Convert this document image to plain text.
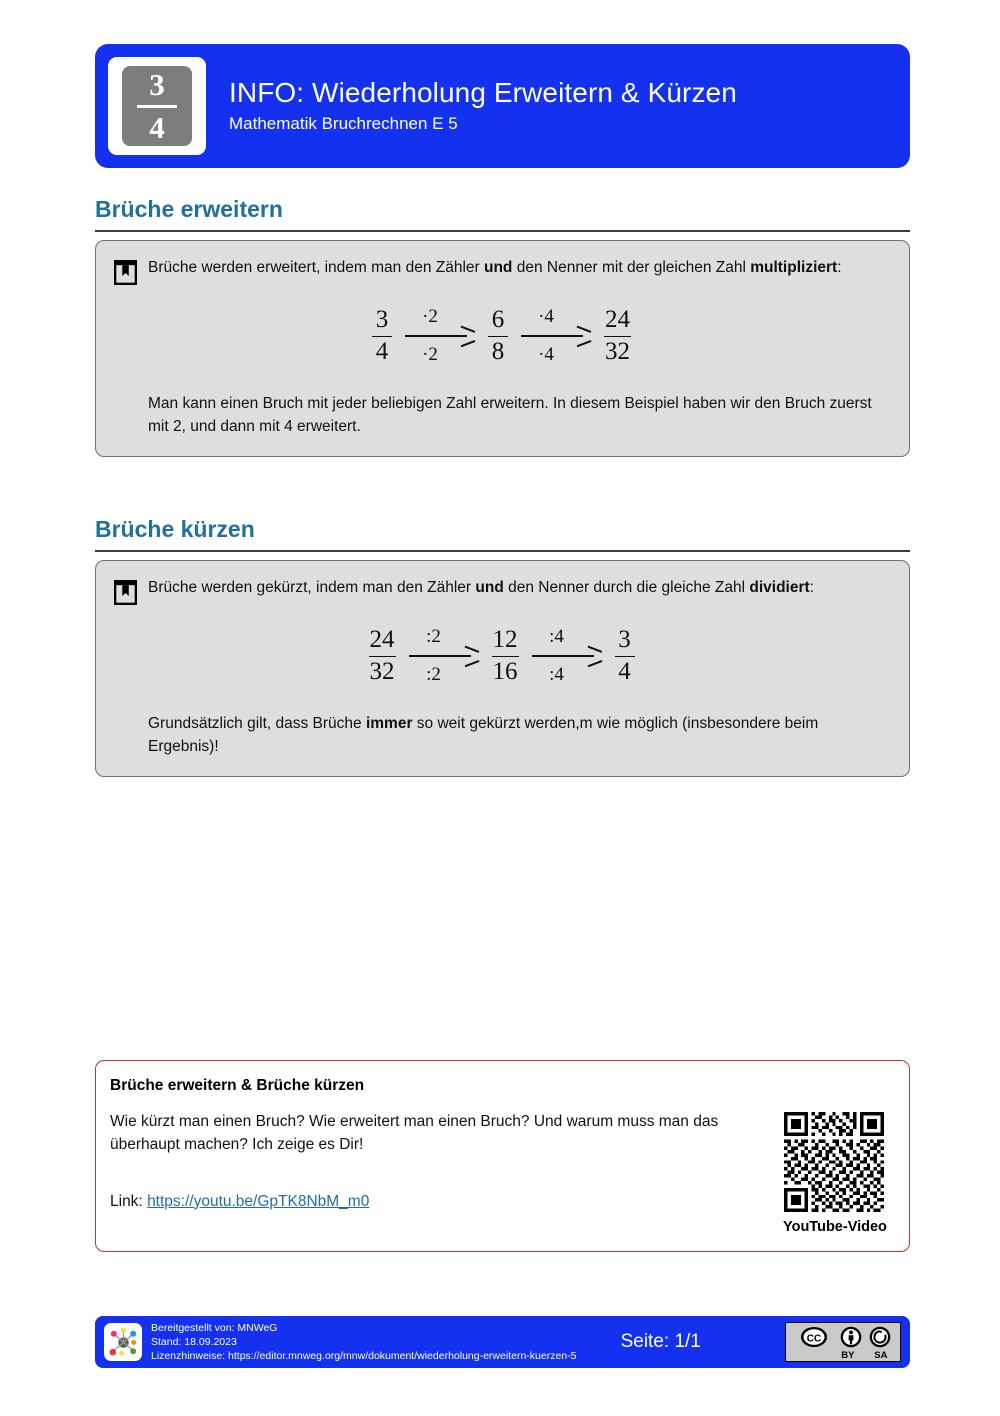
$\frac{3}{4}$ INFO: Wiederholung Erweitern & Kürzen
Mathematik Bruchrechnen E 5
Brüche erweitern
Brüche werden erweitert, indem man den Zähler und den Nenner mit der gleichen Zahl multipliziert:
$\frac{3}{4} \cdot 2$
$\cdot 2 \frac{6}{8} \cdot 4$
$\cdot 4 \frac{24}{32}$
Man kann einen Bruch mit jeder beliebigen Zahl erweitern. In diesem Beispiel haben wir den Bruch zuerst mit 2, und dann mit 4 erweitert.
Brüche kürzen
Brüche werden gekürzt, indem man den Zähler und den Nenner durch die gleiche Zahl dividiert:
$\frac{24}{32}$ :2
:2 $\frac{12}{16}$ :4
:4 $\frac{3}{4}$
Grundsätzlich gilt, dass Brüche immer so weit gekürzt werden,m wie möglich (insbesondere beim Ergebnis)!
Brüche erweitern & Brüche kürzen
Wie kürzt man einen Bruch? Wie erweitert man einen Bruch? Und warum muss man das überhaupt machen? Ich zeige es Dir!
Link: https://youtu.be/GpTK8NbM_m0
YouTube-Video
Bereitgestellt von: MNWeG
Stand: 18.09.2023
Lizenzhinweise: https://editor.mnweg.org/mnw/dokument/wiederholung-erweitern-kuerzen-5
Seite: 1/1	CC
BY	SA
